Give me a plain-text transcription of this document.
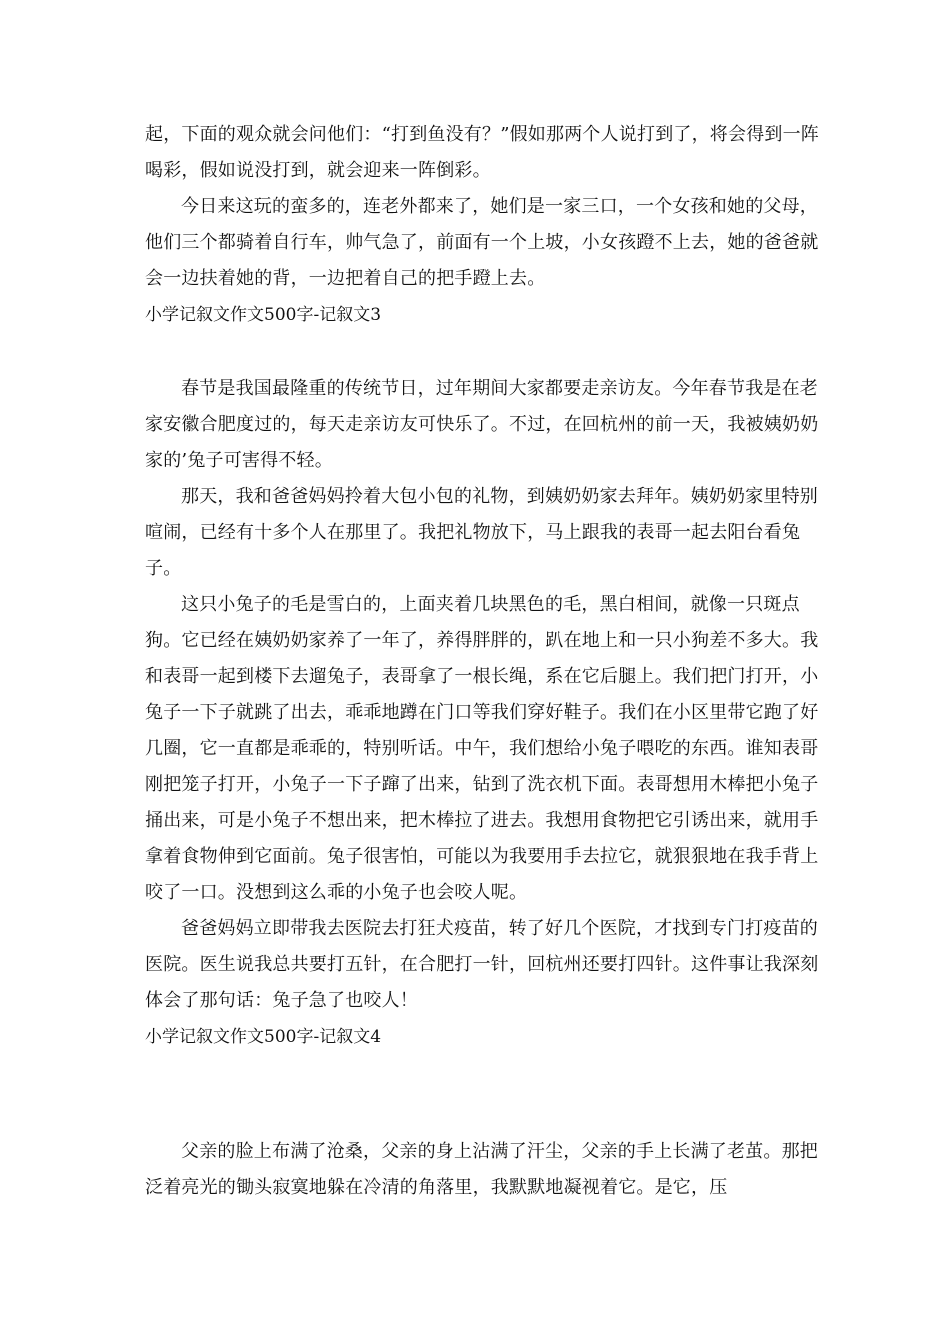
起，下面的观众就会问他们：“打到鱼没有？”假如那两个人说打到了，将会得到一阵喝彩，假如说没打到，就会迎来一阵倒彩。

今日来这玩的蛮多的，连老外都来了，她们是一家三口，一个女孩和她的父母，他们三个都骑着自行车，帅气急了，前面有一个上坡，小女孩蹬不上去，她的爸爸就会一边扶着她的背，一边把着自己的把手蹬上去。

小学记叙文作文500字-记叙文3

春节是我国最隆重的传统节日，过年期间大家都要走亲访友。今年春节我是在老家安徽合肥度过的，每天走亲访友可快乐了。不过，在回杭州的前一天，我被姨奶奶家的’兔子可害得不轻。

那天，我和爸爸妈妈拎着大包小包的礼物，到姨奶奶家去拜年。姨奶奶家里特别喧闹，已经有十多个人在那里了。我把礼物放下，马上跟我的表哥一起去阳台看兔子。

这只小兔子的毛是雪白的，上面夹着几块黑色的毛，黑白相间，就像一只斑点狗。它已经在姨奶奶家养了一年了，养得胖胖的，趴在地上和一只小狗差不多大。我和表哥一起到楼下去遛兔子，表哥拿了一根长绳，系在它后腿上。我们把门打开，小兔子一下子就跳了出去，乖乖地蹲在门口等我们穿好鞋子。我们在小区里带它跑了好几圈，它一直都是乖乖的，特别听话。中午，我们想给小兔子喂吃的东西。谁知表哥刚把笼子打开，小兔子一下子蹿了出来，钻到了洗衣机下面。表哥想用木棒把小兔子捅出来，可是小兔子不想出来，把木棒拉了进去。我想用食物把它引诱出来，就用手拿着食物伸到它面前。兔子很害怕，可能以为我要用手去拉它，就狠狠地在我手背上咬了一口。没想到这么乖的小兔子也会咬人呢。

爸爸妈妈立即带我去医院去打狂犬疫苗，转了好几个医院，才找到专门打疫苗的医院。医生说我总共要打五针，在合肥打一针，回杭州还要打四针。这件事让我深刻体会了那句话：兔子急了也咬人！

小学记叙文作文500字-记叙文4

父亲的脸上布满了沧桑，父亲的身上沾满了汗尘，父亲的手上长满了老茧。那把泛着亮光的锄头寂寞地躲在冷清的角落里，我默默地凝视着它。是它，压
